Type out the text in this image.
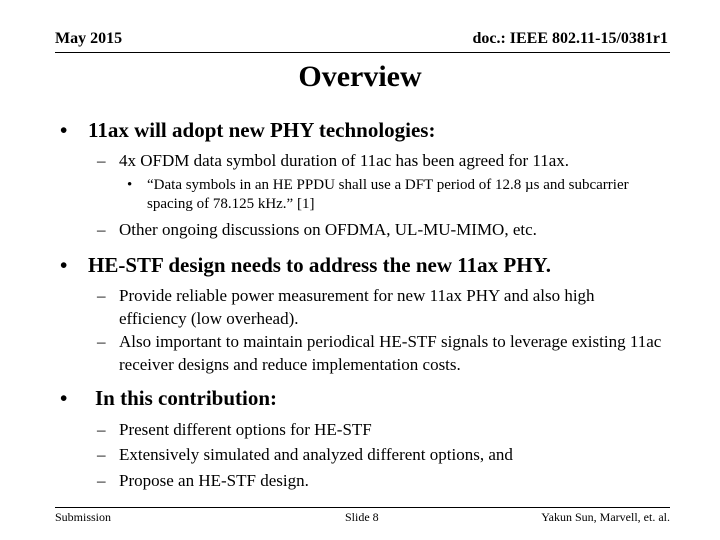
May 2015	doc.: IEEE 802.11-15/0381r1
Overview
• 11ax will adopt new PHY technologies:
– 4x OFDM data symbol duration of 11ac has been agreed for 11ax.
• “Data symbols in an HE PPDU shall use a DFT period of 12.8 µs and subcarrier spacing of 78.125 kHz.” [1]
– Other ongoing discussions on OFDMA, UL-MU-MIMO, etc.
• HE-STF design needs to address the new 11ax PHY.
– Provide reliable power measurement for new 11ax PHY and also high efficiency (low overhead).
– Also important to maintain periodical HE-STF signals to leverage existing 11ac receiver designs and reduce implementation costs.
• In this contribution:
– Present different options for HE-STF
– Extensively simulated and analyzed different options, and
– Propose an HE-STF design.
Submission	Slide 8	Yakun Sun, Marvell, et. al.
